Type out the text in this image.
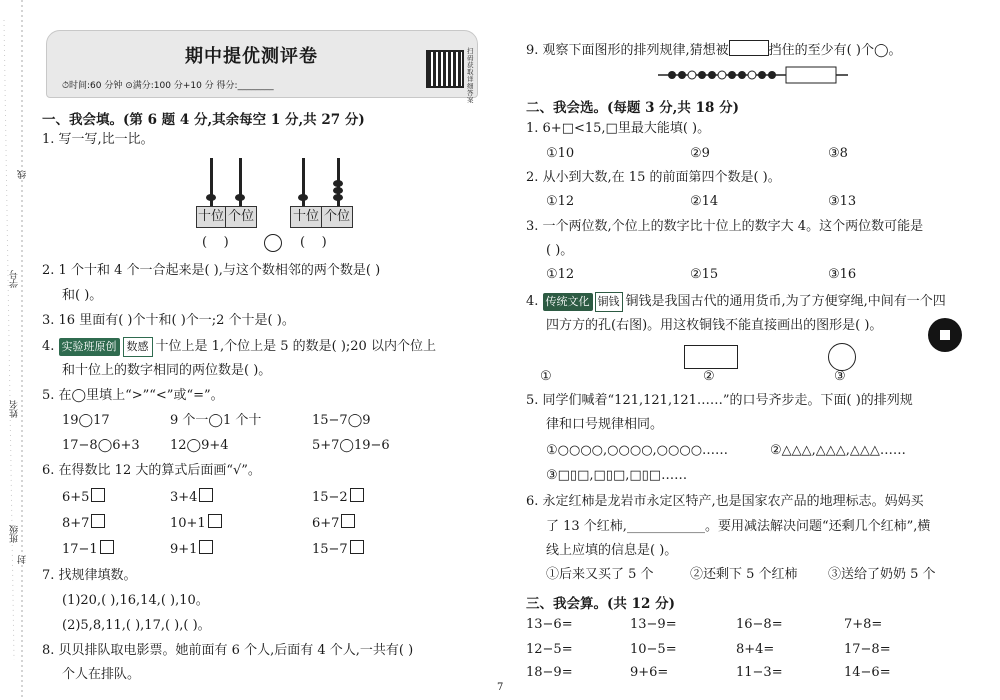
学号
姓名
班级
线
封
期中提优测评卷
⏱时间:60 分钟 ⊙满分:100 分+10 分 得分:________
扫码获取详细答案
一、我会填。(第 6 题 4 分,其余每空 1 分,共 27 分)
1. 写一写,比一比。
十位 个位	十位 个位
(    )	(    )
2. 1 个十和 4 个一合起来是( ),与这个数相邻的两个数是( )
和( )。
3. 16 里面有( )个十和( )个一;2 个十是( )。
4. 实验班原创 数感 十位上是 1,个位上是 5 的数是( );20 以内个位上
和十位上的数字相同的两位数是( )。
5. 在◯里填上“>”“<”或“=”。
19◯17	9 个一◯1 个十	15−7◯9
17−8◯6+3 12◯9+4	5+7◯19−6
6. 在得数比 12 大的算式后面画“√”。
6+5	3+4	15−2
8+7	10+1	6+7
17−1	9+1	15−7
7. 找规律填数。
(1)20,( ),16,14,( ),10。
(2)5,8,11,( ),17,( ),( )。
8. 贝贝排队取电影票。她前面有 6 个人,后面有 4 个人,一共有( )
个人在排队。
9. 观察下面图形的排列规律,猜想被	挡住的至少有( )个◯。
二、我会选。(每题 3 分,共 18 分)
1. 6+□<15,□里最大能填( )。
①10	②9	③8
2. 从小到大数,在 15 的前面第四个数是( )。
①12	②14	③13
3. 一个两位数,个位上的数字比十位上的数字大 4。这个两位数可能是
( )。
①12	②15	③16
4. 传统文化 铜钱 铜钱是我国古代的通用货币,为了方便穿绳,中间有一个四
四方方的孔(右图)。用这枚铜钱不能直接画出的图形是( )。
①	②	③
5. 同学们喊着“121,121,121……”的口号齐步走。下面( )的排列规
律和口号规律相同。
①○○○○,○○○○,○○○○……	②△△△,△△△,△△△……
③□▯□,□▯□,□▯□……
6. 永定红柿是龙岩市永定区特产,也是国家农产品的地理标志。妈妈买
了 13 个红柿,____________。要用减法解决问题“还剩几个红柿”,横
线上应填的信息是( )。
①后来又买了 5 个	②还剩下 5 个红柿 ③送给了奶奶 5 个
三、我会算。(共 12 分)
13−6=	13−9=	16−8=	7+8=
12−5=	10−5=	8+4=	17−8=
18−9=	9+6=	11−3=	14−6=
7
